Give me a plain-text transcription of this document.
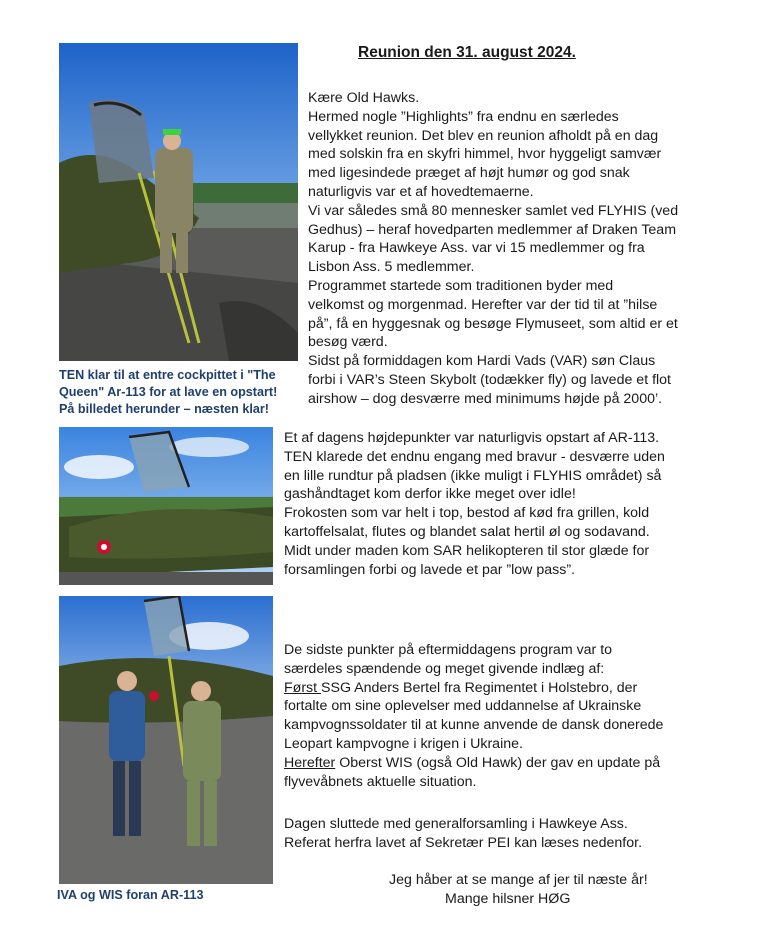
Reunion den 31. august 2024.
TEN klar til at entre cockpittet i "The
Queen" Ar-113 for at lave en opstart!
På billedet herunder – næsten klar!
Kære Old Hawks.
Hermed nogle ”Highlights” fra endnu en særledes
vellykket reunion. Det blev en reunion afholdt på en dag
med solskin fra en skyfri himmel, hvor hyggeligt samvær
med ligesindede præget af højt humør og god snak
naturligvis var et af hovedtemaerne.
Vi var således små 80 mennesker samlet ved FLYHIS (ved
Gedhus) – heraf hovedparten medlemmer af Draken Team
Karup - fra Hawkeye Ass. var vi 15 medlemmer og fra
Lisbon Ass. 5 medlemmer.
Programmet startede som traditionen byder med
velkomst og morgenmad. Herefter var der tid til at ”hilse
på”, få en hyggesnak og besøge Flymuseet, som altid er et
besøg værd.
Sidst på formiddagen kom Hardi Vads (VAR) søn Claus
forbi i VAR’s Steen Skybolt (todækker fly) og lavede et flot
airshow – dog desværre med minimums højde på 2000’.
Et af dagens højdepunkter var naturligvis opstart af AR-113.
TEN klarede det endnu engang med bravur - desværre uden
en lille rundtur på pladsen (ikke muligt i FLYHIS området) så
gashåndtaget kom derfor ikke meget over idle!
Frokosten som var helt i top, bestod af kød fra grillen, kold
kartoffelsalat, flutes og blandet salat hertil øl og sodavand.
Midt under maden kom SAR helikopteren til stor glæde for
forsamlingen forbi og lavede et par ”low pass”.
IVA og WIS foran AR-113
De sidste punkter på eftermiddagens program var to
særdeles spændende og meget givende indlæg af:
Først SSG Anders Bertel fra Regimentet i Holstebro, der
fortalte om sine oplevelser med uddannelse af Ukrainske
kampvognssoldater til at kunne anvende de dansk donerede
Leopart kampvogne i krigen i Ukraine.
Herefter Oberst WIS (også Old Hawk) der gav en update på
flyvevåbnets aktuelle situation.
Dagen sluttede med generalforsamling i Hawkeye Ass.
Referat herfra lavet af Sekretær PEI kan læses nedenfor.
Jeg håber at se mange af jer til næste år!
Mange hilsner HØG
